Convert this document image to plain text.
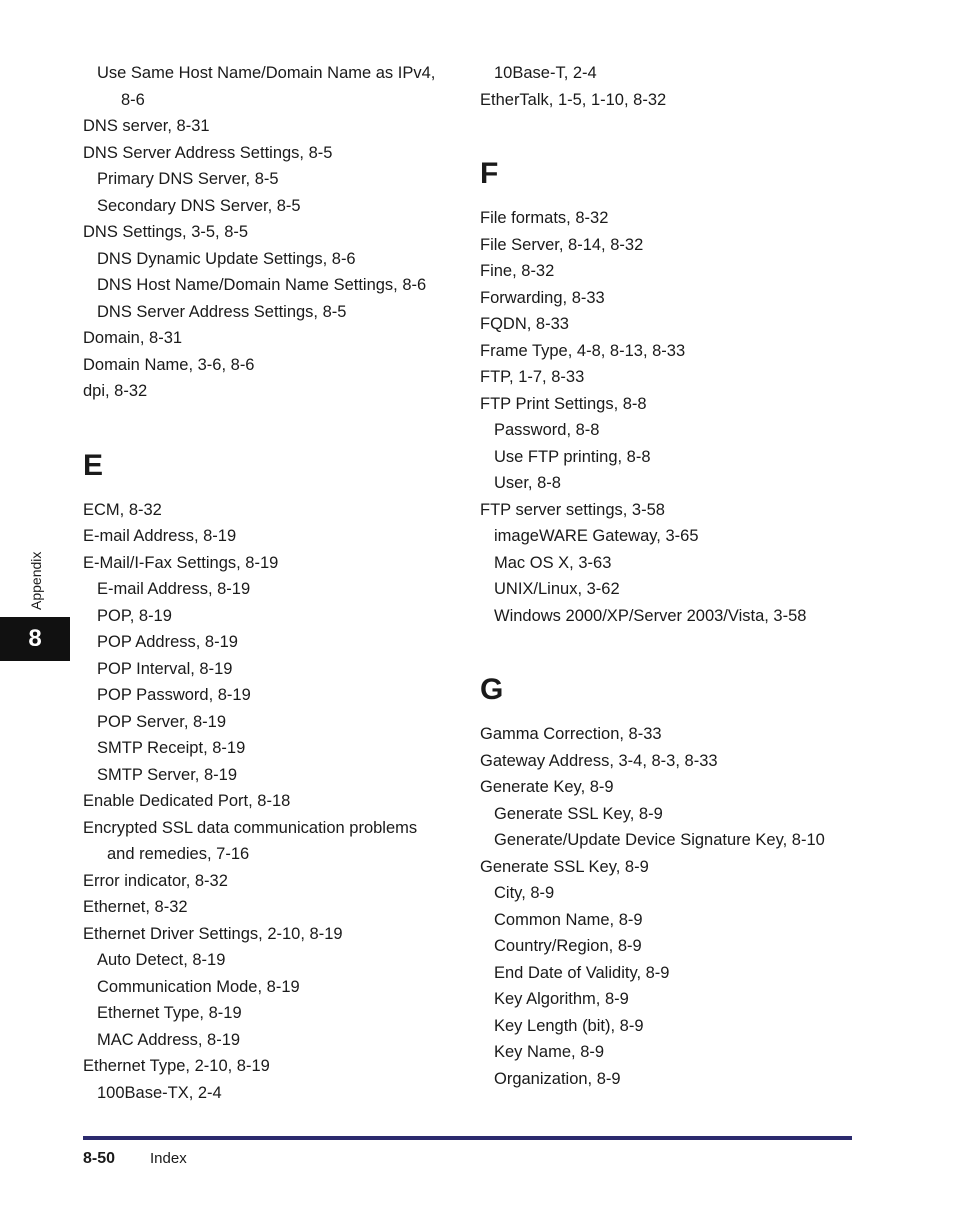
Use Same Host Name/Domain Name as IPv4,
8-6
DNS server, 8-31
DNS Server Address Settings, 8-5
Primary DNS Server, 8-5
Secondary DNS Server, 8-5
DNS Settings, 3-5, 8-5
DNS Dynamic Update Settings, 8-6
DNS Host Name/Domain Name Settings, 8-6
DNS Server Address Settings, 8-5
Domain, 8-31
Domain Name, 3-6, 8-6
dpi, 8-32
E
ECM, 8-32
E-mail Address, 8-19
E-Mail/I-Fax Settings, 8-19
E-mail Address, 8-19
POP, 8-19
POP Address, 8-19
POP Interval, 8-19
POP Password, 8-19
POP Server, 8-19
SMTP Receipt, 8-19
SMTP Server, 8-19
Enable Dedicated Port, 8-18
Encrypted SSL data communication problems
and remedies, 7-16
Error indicator, 8-32
Ethernet, 8-32
Ethernet Driver Settings, 2-10, 8-19
Auto Detect, 8-19
Communication Mode, 8-19
Ethernet Type, 8-19
MAC Address, 8-19
Ethernet Type, 2-10, 8-19
100Base-TX, 2-4
10Base-T, 2-4
EtherTalk, 1-5, 1-10, 8-32
F
File formats, 8-32
File Server, 8-14, 8-32
Fine, 8-32
Forwarding, 8-33
FQDN, 8-33
Frame Type, 4-8, 8-13, 8-33
FTP, 1-7, 8-33
FTP Print Settings, 8-8
Password, 8-8
Use FTP printing, 8-8
User, 8-8
FTP server settings, 3-58
imageWARE Gateway, 3-65
Mac OS X, 3-63
UNIX/Linux, 3-62
Windows 2000/XP/Server 2003/Vista, 3-58
G
Gamma Correction, 8-33
Gateway Address, 3-4, 8-3, 8-33
Generate Key, 8-9
Generate SSL Key, 8-9
Generate/Update Device Signature Key, 8-10
Generate SSL Key, 8-9
City, 8-9
Common Name, 8-9
Country/Region, 8-9
End Date of Validity, 8-9
Key Algorithm, 8-9
Key Length (bit), 8-9
Key Name, 8-9
Organization, 8-9
Appendix
8
8-50 Index
